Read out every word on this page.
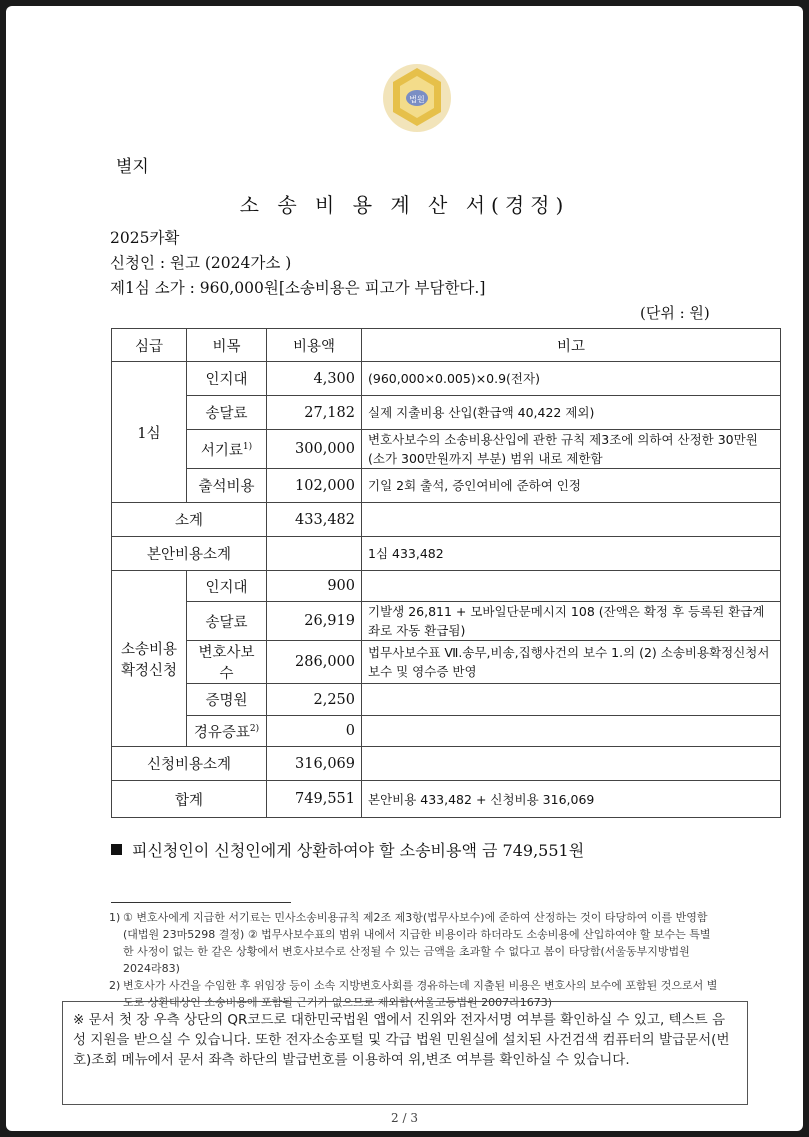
법원
별지
소 송 비 용 계 산 서(경정)
2025카확
신청인 : 원고 (2024가소 )
제1심 소가 : 960,000원[소송비용은 피고가 부담한다.]
(단위 : 원)
심급	비목	비용액	비고
1심	인지대	4,300	(960,000×0.005)×0.9(전자)
	송달료	27,182	실제 지출비용 산입(환급액 40,422 제외)
	서기료$^{1)}$	300,000	변호사보수의 소송비용산입에 관한 규칙 제3조에 의하여 산정한 30만원(소가 300만원까지 부분) 범위 내로 제한함
	출석비용	102,000	기일 2회 출석, 증인여비에 준하여 인정
소계		433,482	
본안비용소계			1심 433,482
소송비용
확정신청	인지대	900	
	송달료	26,919	기발생 26,811 + 모바일단문메시지 108 (잔액은 확정 후 등록된 환급계좌로 자동 환급됨)
	변호사보수	286,000	법무사보수표 Ⅶ.송무,비송,집행사건의 보수 1.의 (2) 소송비용확정신청서 보수 및 영수증 반영
	증명원	2,250	
	경유증표$^{2)}$	0	
신청비용소계		316,069	
합계		749,551	본안비용 433,482 + 신청비용 316,069
피신청인이 신청인에게 상환하여야 할 소송비용액 금 749,551원
1) ① 변호사에게 지급한 서기료는 민사소송비용규칙 제2조 제3항(법무사보수)에 준하여 산정하는 것이 타당하여 이를 반영함(대법원 23마5298 결정) ② 법무사보수표의 범위 내에서 지급한 비용이라 하더라도 소송비용에 산입하여야 할 보수는 특별한 사정이 없는 한 같은 상황에서 변호사보수로 산정될 수 있는 금액을 초과할 수 없다고 봄이 타당함(서울동부지방법원 2024라83)
2) 변호사가 사건을 수임한 후 위임장 등이 소속 지방변호사회를 경유하는데 지출된 비용은 변호사의 보수에 포함된 것으로서 별도로 상환대상인 소송비용에 포함될 근거가 없으므로 제외함(서울고등법원 2007라1673)
※ 문서 첫 장 우측 상단의 QR코드로 대한민국법원 앱에서 진위와 전자서명 여부를 확인하실 수 있고, 텍스트 음성 지원을 받으실 수 있습니다. 또한 전자소송포털 및 각급 법원 민원실에 설치된 사건검색 컴퓨터의 발급문서(번호)조회 메뉴에서 문서 좌측 하단의 발급번호를 이용하여 위,변조 여부를 확인하실 수 있습니다.
2 / 3
